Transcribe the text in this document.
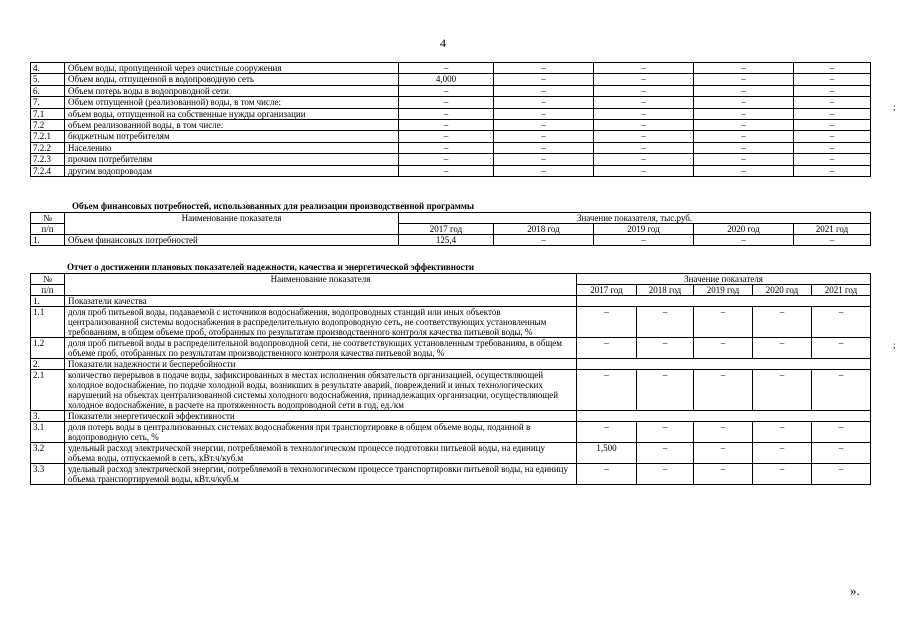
4
4.	Объем воды, пропущенной через очистные сооружения	–	–	–	–	–
5.	Объем воды, отпущенной в водопроводную сеть	4,000	–	–	–	–
6.	Объем потерь воды в водопроводной сети	–	–	–	–	–
7.	Объем отпущенной (реализованной) воды, в том числе:	–	–	–	–	–
7.1	объем воды, отпущенной на собственные нужды организации	–	–	–	–	–
7.2	объем реализованной воды, в том числе:	–	–	–	–	–
7.2.1	бюджетным потребителям	–	–	–	–	–
7.2.2	Населению	–	–	–	–	–
7.2.3	прочим потребителям	–	–	–	–	–
7.2.4	другим водопроводам	–	–	–	–	–
Объем финансовых потребностей, использованных для реализации производственной программы
№	Наименование показателя	Значение показателя, тыс.руб.				
п/п		2017 год	2018 год	2019 год	2020 год	2021 год
1.	Объем финансовых потребностей	125,4	–	–	–	–
Отчет о достижении плановых показателей надежности, качества и энергетической эффективности
№	Наименование показателя	Значение показателя				
п/п		2017 год	2018 год	2019 год	2020 год	2021 год
1.	Показатели качества					
1.1	доля проб питьевой воды, подаваемой с источников водоснабжения, водопроводных станций или иных объектов централизованной системы водоснабжения в распределительную водопроводную сеть, не соответствующих установленным требованиям, в общем объеме проб, отобранных по результатам производственного контроля качества питьевой воды, %	–	–	–	–	–
1.2	доля проб питьевой воды в распределительной водопроводной сети, не соответствующих установленным требованиям, в общем объеме проб, отобранных по результатам производственного контроля качества питьевой воды, %	–	–	–	–	–
2.	Показатели надежности и бесперебойности					
2.1	количество перерывов в подаче воды, зафиксированных в местах исполнения обязательств организацией, осуществляющей холодное водоснабжение, по подаче холодной воды, возникших в результате аварий, повреждений и иных технологических нарушений на объектах централизованной системы холодного водоснабжения, принадлежащих организации, осуществляющей холодное водоснабжение, в расчете на протяженность водопроводной сети в год, ед./км	–	–	–	–	–
3.	Показатели энергетической эффективности					
3.1	доля потерь воды в централизованных системах водоснабжения при транспортировке в общем объеме воды, поданной в водопроводную сеть, %	–	–	–	–	–
3.2	удельный расход электрической энергии, потребляемой в технологическом процессе подготовки питьевой воды, на единицу объема воды, отпускаемой в сеть, кВт.ч/куб.м	1,500	–	–	–	–
3.3	удельный расход электрической энергии, потребляемой в технологическом процессе транспортировки питьевой воды, на единицу объема транспортируемой воды, кВт.ч/куб.м	–	–	–	–	–
».
;
;
